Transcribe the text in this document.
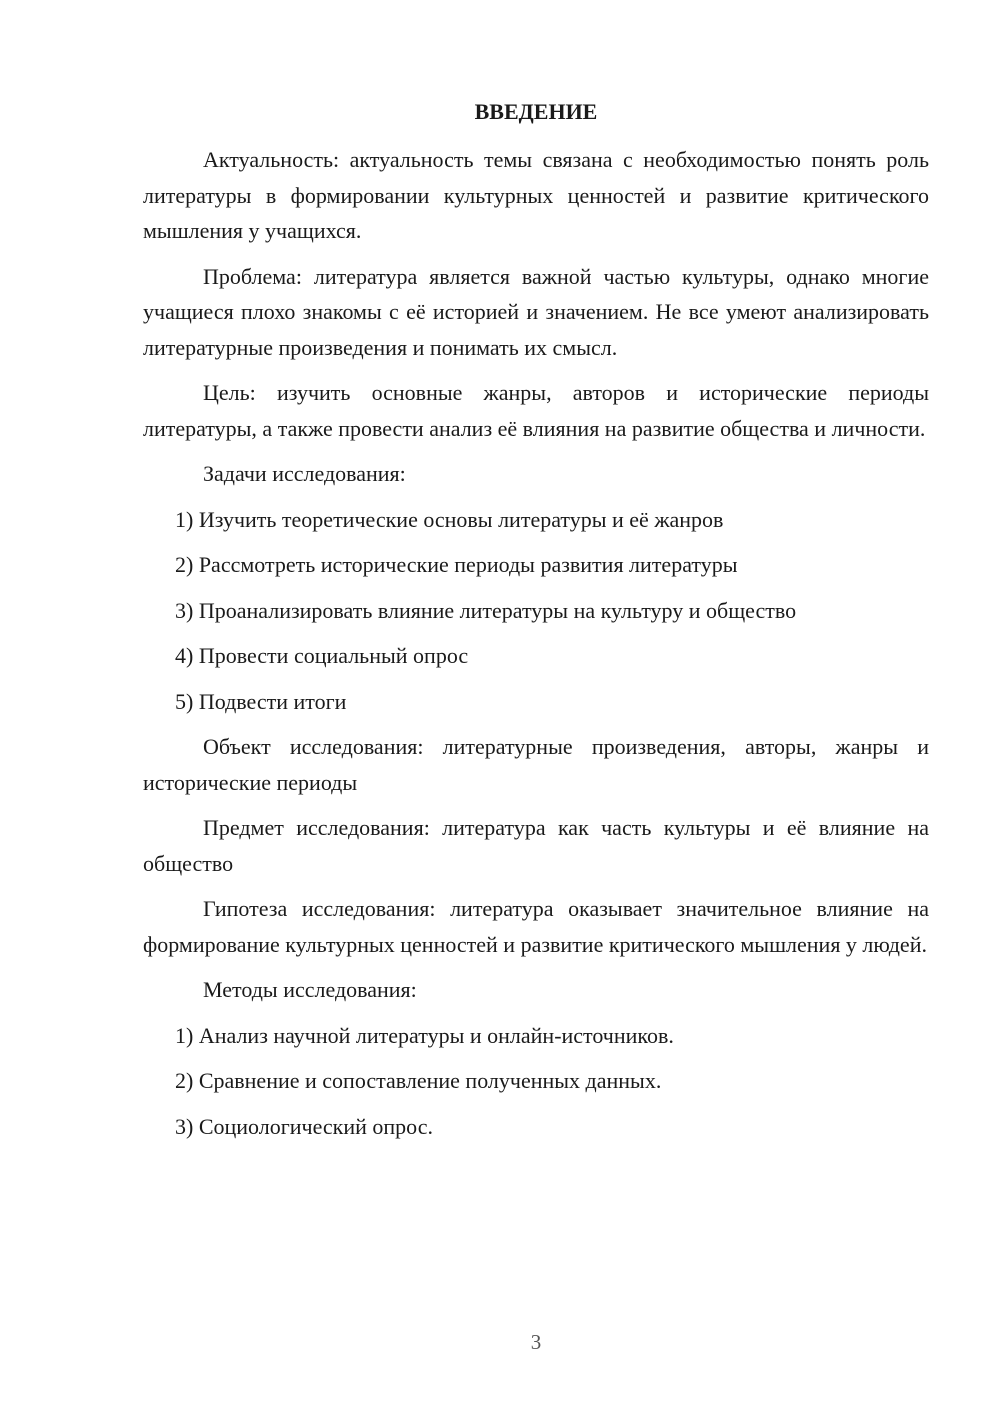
ВВЕДЕНИЕ

Актуальность: актуальность темы связана с необходимостью понять роль литературы в формировании культурных ценностей и развитие критического мышления у учащихся.

Проблема: литература является важной частью культуры, однако многие учащиеся плохо знакомы с её историей и значением. Не все умеют анализировать литературные произведения и понимать их смысл.

Цель: изучить основные жанры, авторов и исторические периоды литературы, а также провести анализ её влияния на развитие общества и личности.

Задачи исследования:

1) Изучить теоретические основы литературы и её жанров

2) Рассмотреть исторические периоды развития литературы

3) Проанализировать влияние литературы на культуру и общество

4) Провести социальный опрос

5) Подвести итоги

Объект исследования: литературные произведения, авторы, жанры и исторические периоды

Предмет исследования: литература как часть культуры и её влияние на общество

Гипотеза исследования: литература оказывает значительное влияние на формирование культурных ценностей и развитие критического мышления у людей.

Методы исследования:

1) Анализ научной литературы и онлайн-источников.

2) Сравнение и сопоставление полученных данных.

3) Социологический опрос.

3
